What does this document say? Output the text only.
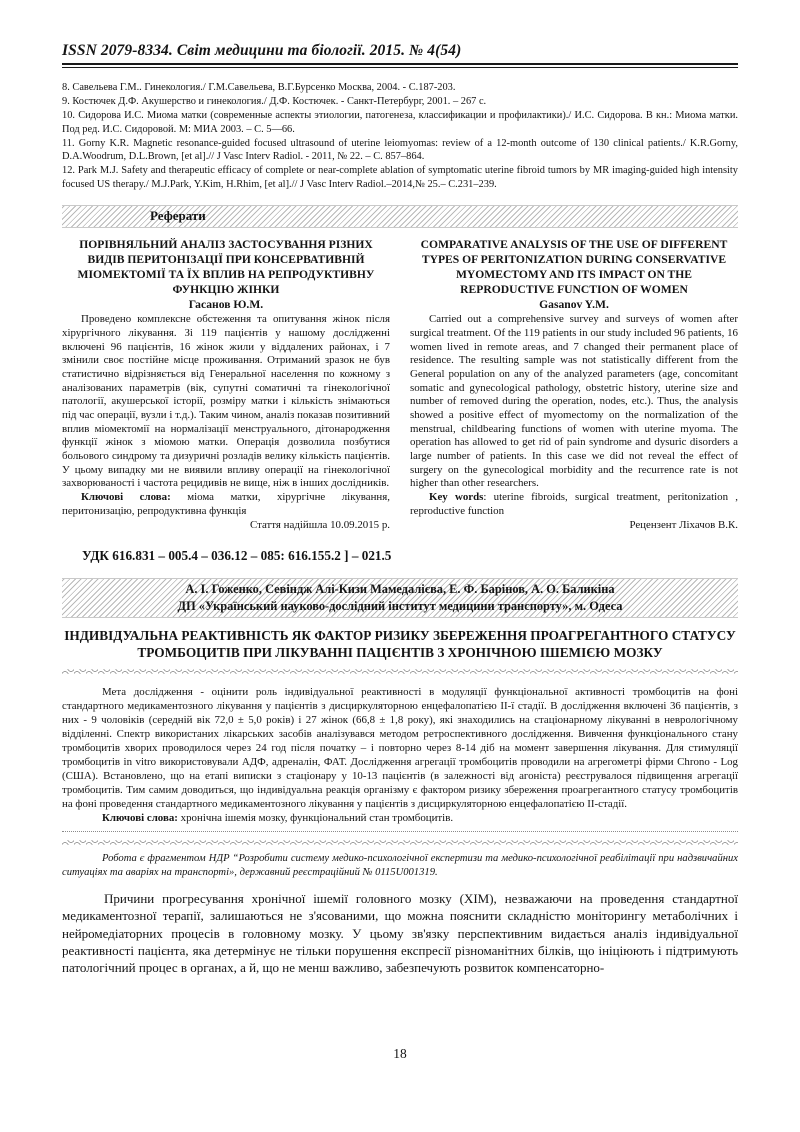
ISSN 2079-8334. Світ медицини та біології. 2015. № 4(54)

8. Савельева Г.М.. Гинекология./ Г.М.Савельева, В.Г.Бурсенко Москва, 2004. - С.187-203.

9. Костючек Д.Ф. Акушерство и гинекология./ Д.Ф. Костючек. - Санкт-Петербург, 2001. – 267 с.

10. Сидорова И.С. Миома матки (современные аспекты этиологии, патогенеза, классификации и профилактики)./ И.С. Сидорова. В кн.: Миома матки. Под ред. И.С. Сидоровой. М: МИА 2003. – С. 5—66.

11. Gorny K.R. Magnetic resonance-guided focused ultrasound of uterine leiomyomas: review of a 12-month outcome of 130 clinical patients./ K.R.Gorny, D.A.Woodrum, D.L.Brown, [et al].// J Vasc Interv Radiol. - 2011, № 22. – C. 857–864.

12. Park M.J. Safety and therapeutic efficacy of complete or near-complete ablation of symptomatic uterine fibroid tumors by MR imaging-guided high intensity focused US therapy./ M.J.Park, Y.Kim, H.Rhim, [et al].// J Vasc Interv Radiol.–2014,№ 25.– С.231–239.

Реферати
ПОРІВНЯЛЬНИЙ АНАЛІЗ ЗАСТОСУВАННЯ РІЗНИХ ВИДІВ ПЕРИТОНІЗАЦІЇ ПРИ КОНСЕРВАТИВНІЙ МІОМЕКТОМІЇ ТА ЇХ ВПЛИВ НА РЕПРОДУКТИВНУ ФУНКЦІЮ ЖІНКИ
Гасанов Ю.М.

Проведено комплексне обстеження та опитування жінок після хірургічного лікування. Зі 119 пацієнтів у нашому дослідженні включені 96 пацієнтів, 16 жінок жили у віддалених районах, і 7 змінили своє постійне місце проживання. Отриманий зразок не був статистично відрізняється від Генеральної населення по кожному з аналізованих параметрів (вік, супутні соматичні та гінекологічної патології, акушерської історії, розміру матки і кількість знімаються під час операції, вузли і т.д.). Таким чином, аналіз показав позитивний вплив міомектомії на нормалізації менструального, дітонародження функції жінок з міомою матки. Операція дозволила позбутися больового синдрому та дизуричні розладів велику кількість пацієнтів. У цьому випадку ми не виявили впливу операції на гінекологічної захворюваності і частота рецидивів не вище, ніж в інших дослідників.

Ключові слова: міома матки, хірургічне лікування, перитонизацію, репродуктивна функція
Стаття надійшла 10.09.2015 р.
COMPARATIVE ANALYSIS OF THE USE OF DIFFERENT TYPES OF PERITONIZATION DURING CONSERVATIVE MYOMECTOMY AND ITS IMPACT ON THE REPRODUCTIVE FUNCTION OF WOMEN
Gasanov Y.M.

Carried out a comprehensive survey and surveys of women after surgical treatment. Of the 119 patients in our study included 96 patients, 16 women lived in remote areas, and 7 changed their permanent place of residence. The resulting sample was not statistically different from the General population on any of the analyzed parameters (age, concomitant somatic and gynecological pathology, obstetric history, uterine size and number of removed during the operation, nodes, etc.). Thus, the analysis showed a positive effect of myomectomy on the normalization of the menstrual, childbearing functions of women with uterine myoma. The operation has allowed to get rid of pain syndrome and dysuric disorders a large number of patients. In this case we did not reveal the effect of surgery on the gynecological morbidity and the recurrence rate is not higher than other researchers.

Key words: uterine fibroids, surgical treatment, peritonization , reproductive function
Рецензент Ліхачов В.К.
УДК 616.831 – 005.4 – 036.12 – 085: 616.155.2 ] – 021.5
А. І. Гоженко, Севіндж Алі-Кизи Мамедалієва, Е. Ф. Барінов, А. О. Баликіна
ДП «Український науково-дослідний інститут медицини транспорту», м. Одеса
ІНДИВІДУАЛЬНА РЕАКТИВНІСТЬ ЯК ФАКТОР РИЗИКУ ЗБЕРЕЖЕННЯ ПРОАГРЕГАНТНОГО СТАТУСУ ТРОМБОЦИТІВ ПРИ ЛІКУВАННІ ПАЦІЄНТІВ З ХРОНІЧНОЮ ІШЕМІЄЮ МОЗКУ

Мета дослідження - оцінити роль індивідуальної реактивності в модуляції функціональної активності тромбоцитів на фоні стандартного медикаментозного лікування у пацієнтів з дисциркуляторною енцефалопатією II-ї стадії. В дослідження включені 36 пацієнтів, з них - 9 чоловіків (середній вік 72,0 ± 5,0 років) і 27 жінок (66,8 ± 1,8 року), які знаходились на стаціонарному лікуванні в неврологічному відділенні. Спектр використаних лікарських засобів аналізувався методом ретроспективного дослідження. Вивчення функціонального стану тромбоцитів хворих проводилося через 24 год після початку – і повторно через 8-14 діб на момент завершення лікування. Для стимуляції тромбоцитів in vitro використовували АДФ, адреналін, ФАТ. Дослідження агрегації тромбоцитів проводили на агрегометрі фірми Chrono - Log (США). Встановлено, що на етапі виписки з стаціонару у 10-13 пацієнтів (в залежності від агоніста) реєструвалося підвищення агрегації тромбоцитів. Тим самим доводиться, що індивідуальна реакція організму є фактором ризику збереження проагрегантного статусу тромбоцитів на фоні проведення стандартного медикаментозного лікування у пацієнтів з дисциркуляторною енцефалопатією II-стадії.

Ключові слова: хронічна ішемія мозку, функціональний стан тромбоцитів.

Робота є фрагментом НДР “Розробити систему медико-психологічної експертизи та медико-психологічної реабілітації при надзвичайних ситуаціях та аваріях на транспорті», державний реєстраційний № 0115U001319.

Причини прогресування хронічної ішемії головного мозку (ХІМ), незважаючи на проведення стандартної медикаментозної терапії, залишаються не з'ясованими, що можна пояснити складністю моніторингу метаболічних і нейромедіаторних процесів в головному мозку. У цьому зв'язку перспективним видається аналіз індивідуальної реактивності пацієнта, яка детермінує не тільки порушення експресії різноманітних білків, що ініціюють і підтримують патологічний процес в органах, а й, що не менш важливо, забезпечують розвиток компенсаторно-

18
